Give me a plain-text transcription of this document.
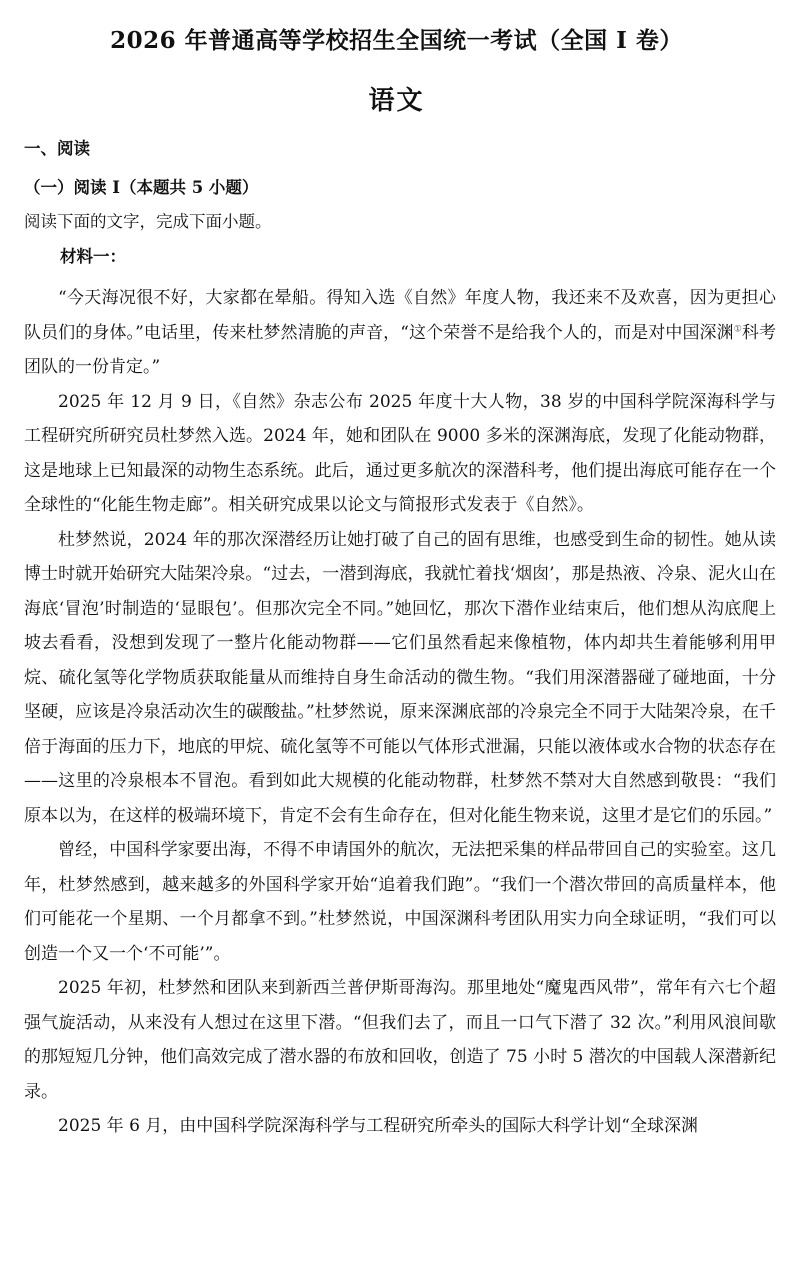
2026 年普通高等学校招生全国统一考试（全国 I 卷）
语文
一、阅读
（一）阅读 I（本题共 5 小题）
阅读下面的文字，完成下面小题。
材料一：

“今天海况很不好，大家都在晕船。得知入选《自然》年度人物，我还来不及欢喜，因为更担心队员们的身体。”电话里，传来杜梦然清脆的声音，“这个荣誉不是给我个人的，而是对中国深渊①科考团队的一份肯定。”

2025 年 12 月 9 日，《自然》杂志公布 2025 年度十大人物，38 岁的中国科学院深海科学与工程研究所研究员杜梦然入选。2024 年，她和团队在 9000 多米的深渊海底，发现了化能动物群，这是地球上已知最深的动物生态系统。此后，通过更多航次的深潜科考，他们提出海底可能存在一个全球性的“化能生物走廊”。相关研究成果以论文与简报形式发表于《自然》。

杜梦然说，2024 年的那次深潜经历让她打破了自己的固有思维，也感受到生命的韧性。她从读博士时就开始研究大陆架冷泉。“过去，一潜到海底，我就忙着找‘烟囱’，那是热液、冷泉、泥火山在海底‘冒泡’时制造的‘显眼包’。但那次完全不同。”她回忆，那次下潜作业结束后，他们想从沟底爬上坡去看看，没想到发现了一整片化能动物群——它们虽然看起来像植物，体内却共生着能够利用甲烷、硫化氢等化学物质获取能量从而维持自身生命活动的微生物。“我们用深潜器碰了碰地面，十分坚硬，应该是冷泉活动次生的碳酸盐。”杜梦然说，原来深渊底部的冷泉完全不同于大陆架冷泉，在千倍于海面的压力下，地底的甲烷、硫化氢等不可能以气体形式泄漏，只能以液体或水合物的状态存在——这里的冷泉根本不冒泡。看到如此大规模的化能动物群，杜梦然不禁对大自然感到敬畏：“我们原本以为，在这样的极端环境下，肯定不会有生命存在，但对化能生物来说，这里才是它们的乐园。”

曾经，中国科学家要出海，不得不申请国外的航次，无法把采集的样品带回自己的实验室。这几年，杜梦然感到，越来越多的外国科学家开始“追着我们跑”。“我们一个潜次带回的高质量样本，他们可能花一个星期、一个月都拿不到。”杜梦然说，中国深渊科考团队用实力向全球证明，“我们可以创造一个又一个‘不可能’”。

2025 年初，杜梦然和团队来到新西兰普伊斯哥海沟。那里地处“魔鬼西风带”，常年有六七个超强气旋活动，从来没有人想过在这里下潜。“但我们去了，而且一口气下潜了 32 次。”利用风浪间歇的那短短几分钟，他们高效完成了潜水器的布放和回收，创造了 75 小时 5 潜次的中国载人深潜新纪录。

2025 年 6 月，由中国科学院深海科学与工程研究所牵头的国际大科学计划“全球深渊
